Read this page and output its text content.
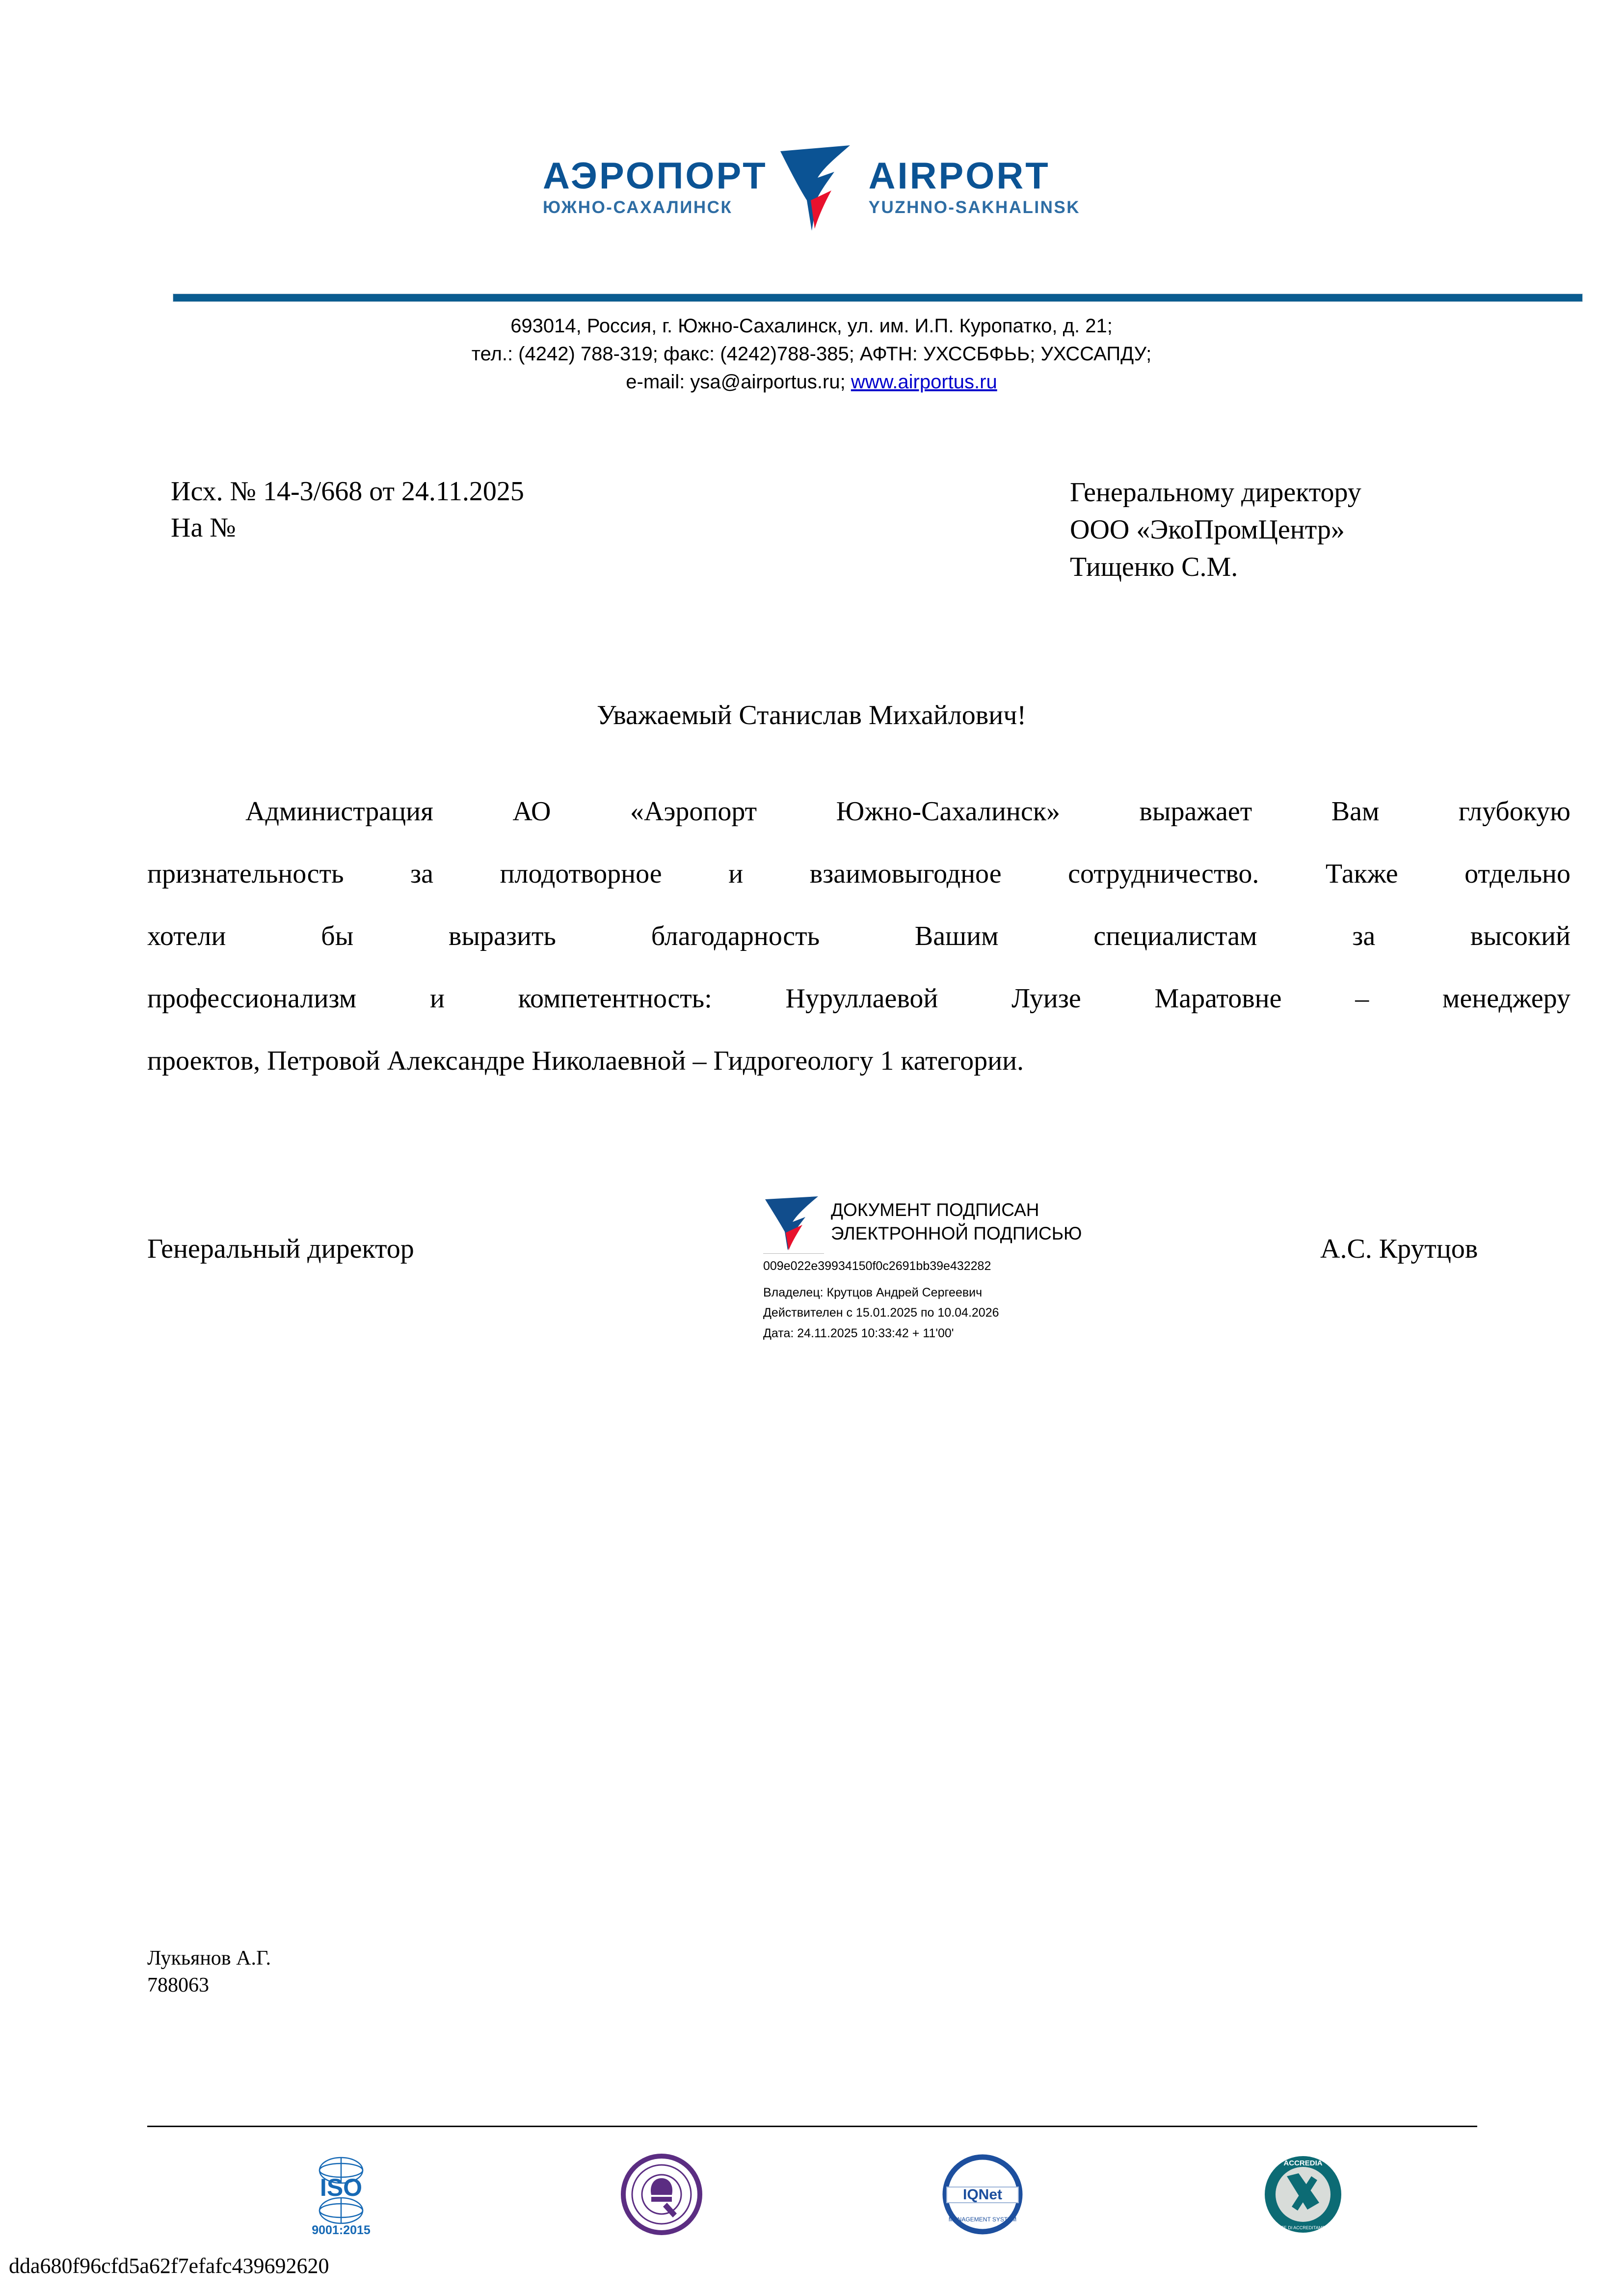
АЭРОПОРТ
ЮЖНО-САХАЛИНСК
AIRPORT
YUZHNO-SAKHALINSK
693014, Россия, г. Южно-Сахалинск, ул. им. И.П. Куропатко, д. 21;
тел.: (4242) 788-319; факс: (4242)788-385; АФТН: УХССБФЬЬ; УХССАПДУ;
e-mail: ysa@airportus.ru; www.airportus.ru
Исх. № 14-3/668 от 24.11.2025
На №
Генеральному директору
ООО «ЭкоПромЦентр»
Тищенко С.М.
Уважаемый Станислав Михайлович!
Администрация	АО	«Аэропорт	Южно-Сахалинск»	выражает	Вам	глубокую
признательность за плодотворное и взаимовыгодное сотрудничество. Также отдельно
хотели	бы	выразить	благодарность	Вашим	специалистам	за	высокий
профессионализм	и	компетентность:	Нуруллаевой	Луизе	Маратовне	–	менеджеру
проектов, Петровой Александре Николаевной – Гидрогеологу 1 категории.
Генеральный директор	А.С. Крутцов
ДОКУМЕНТ ПОДПИСАН
ЭЛЕКТРОННОЙ ПОДПИСЬЮ
009e022e39934150f0c2691bb39e432282
Владелец: Крутцов Андрей Сергеевич
Действителен с 15.01.2025 по 10.04.2026
Дата: 24.11.2025 10:33:42 + 11'00'
Лукьянов А.Г.
788063
ISO
9001:2015
IQNet
MANAGEMENT SYSTEM
ACCREDIA
L'ENTE DI ACCREDITAMENTO
dda680f96cfd5a62f7efafc439692620
